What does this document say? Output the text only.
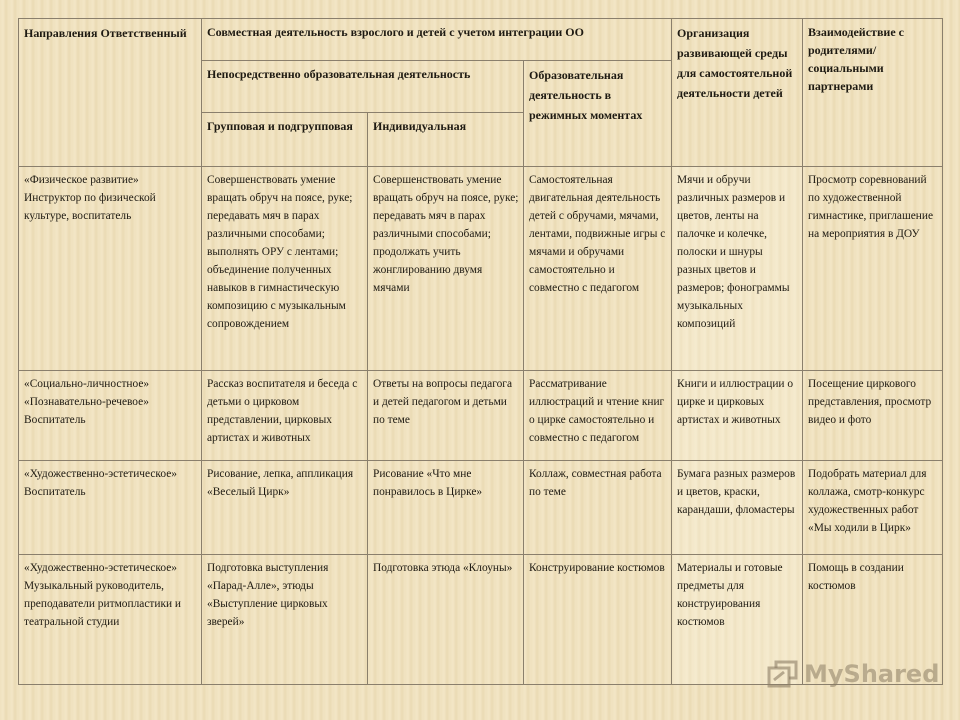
Направления Ответственный	Совместная деятельность взрослого и детей с учетом интеграции ОО			Организация развивающей среды для самостоятельной деятельности детей	Взаимодействие с родителями/ социальными партнерами
	Непосредственно образовательная деятельность		Образовательная деятельность в режимных моментах		
	Групповая и подгрупповая	Индивидуальная			
«Физическое развитие» Инструктор по физической культуре, воспитатель	Совершенствовать умение вращать обруч на поясе, руке; передавать мяч в парах различными способами; выполнять ОРУ с лентами; объединение полученных навыков в гимнастическую композицию с музыкальным сопровождением	Совершенствовать умение вращать обруч на поясе, руке; передавать мяч в парах различными способами; продолжать учить жонглированию двумя мячами	Самостоятельная двигательная деятельность детей с обручами, мячами, лентами, подвижные игры с мячами и обручами самостоятельно и совместно с педагогом	Мячи и обручи различных размеров и цветов, ленты на палочке и колечке, полоски и шнуры разных цветов и размеров; фонограммы музыкальных композиций	Просмотр соревнований по художественной гимнастике, приглашение на мероприятия в ДОУ
«Социально-личностное» «Познавательно-речевое» Воспитатель	Рассказ воспитателя и беседа с детьми о цирковом представлении, цирковых артистах и животных	Ответы на вопросы педагога и детей педагогом и детьми по теме	Рассматривание иллюстраций и чтение книг о цирке самостоятельно и совместно с педагогом	Книги и иллюстрации о цирке и цирковых артистах и животных	Посещение циркового представления, просмотр видео и фото
«Художественно-эстетическое» Воспитатель	Рисование, лепка, аппликация «Веселый Цирк»	Рисование «Что мне понравилось в Цирке»	Коллаж, совместная работа по теме	Бумага разных размеров и цветов, краски, карандаши, фломастеры	Подобрать материал для коллажа, смотр-конкурс художественных работ «Мы ходили в Цирк»
«Художественно-эстетическое» Музыкальный руководитель, преподаватели ритмопластики и театральной студии	Подготовка выступления «Парад-Алле», этюды «Выступление цирковых зверей»	Подготовка этюда «Клоуны»	Конструирование костюмов	Материалы и готовые предметы для конструирования костюмов	Помощь в создании костюмов
MyShared
